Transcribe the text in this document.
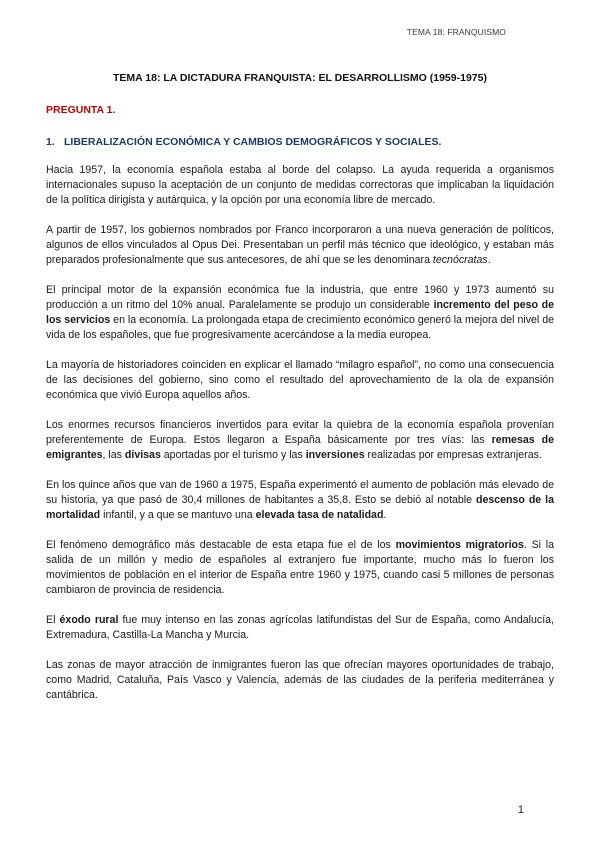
TEMA 18: FRANQUISMO
TEMA 18: LA DICTADURA FRANQUISTA: EL DESARROLLISMO (1959-1975)
PREGUNTA 1.
1. LIBERALIZACIÓN ECONÓMICA Y CAMBIOS DEMOGRÁFICOS Y SOCIALES.

Hacia 1957, la economía española estaba al borde del colapso. La ayuda requerida a organismos internacionales supuso la aceptación de un conjunto de medidas correctoras que implicaban la liquidación de la política dirigista y autárquica, y la opción por una economía libre de mercado.

A partir de 1957, los gobiernos nombrados por Franco incorporaron a una nueva generación de políticos, algunos de ellos vinculados al Opus Dei. Presentaban un perfil más técnico que ideológico, y estaban más preparados profesionalmente que sus antecesores, de ahí que se les denominara tecnócratas.

El principal motor de la expansión económica fue la industria, que entre 1960 y 1973 aumentó su producción a un ritmo del 10% anual. Paralelamente se produjo un considerable incremento del peso de los servicios en la economía. La prolongada etapa de crecimiento económico generó la mejora del nivel de vida de los españoles, que fue progresivamente acercándose a la media europea.

La mayoría de historiadores coinciden en explicar el llamado “milagro español”, no como una consecuencia de las decisiones del gobierno, sino como el resultado del aprovechamiento de la ola de expansión económica que vivió Europa aquellos años.

Los enormes recursos financieros invertidos para evitar la quiebra de la economía española provenían preferentemente de Europa. Estos llegaron a España básicamente por tres vías: las remesas de emigrantes, las divisas aportadas por el turismo y las inversiones realizadas por empresas extranjeras.

En los quince años que van de 1960 a 1975, España experimentó el aumento de población más elevado de su historia, ya que pasó de 30,4 millones de habitantes a 35,8. Esto se debió al notable descenso de la mortalidad infantil, y a que se mantuvo una elevada tasa de natalidad.

El fenómeno demográfico más destacable de esta etapa fue el de los movimientos migratorios. Si la salida de un millón y medio de españoles al extranjero fue importante, mucho más lo fueron los movimientos de población en el interior de España entre 1960 y 1975, cuando casi 5 millones de personas cambiaron de provincia de residencia.

El éxodo rural fue muy intenso en las zonas agrícolas latifundistas del Sur de España, como Andalucía, Extremadura, Castilla-La Mancha y Murcia.

Las zonas de mayor atracción de inmigrantes fueron las que ofrecían mayores oportunidades de trabajo, como Madrid, Cataluña, País Vasco y Valencia, además de las ciudades de la periferia mediterránea y cantábrica.

1
